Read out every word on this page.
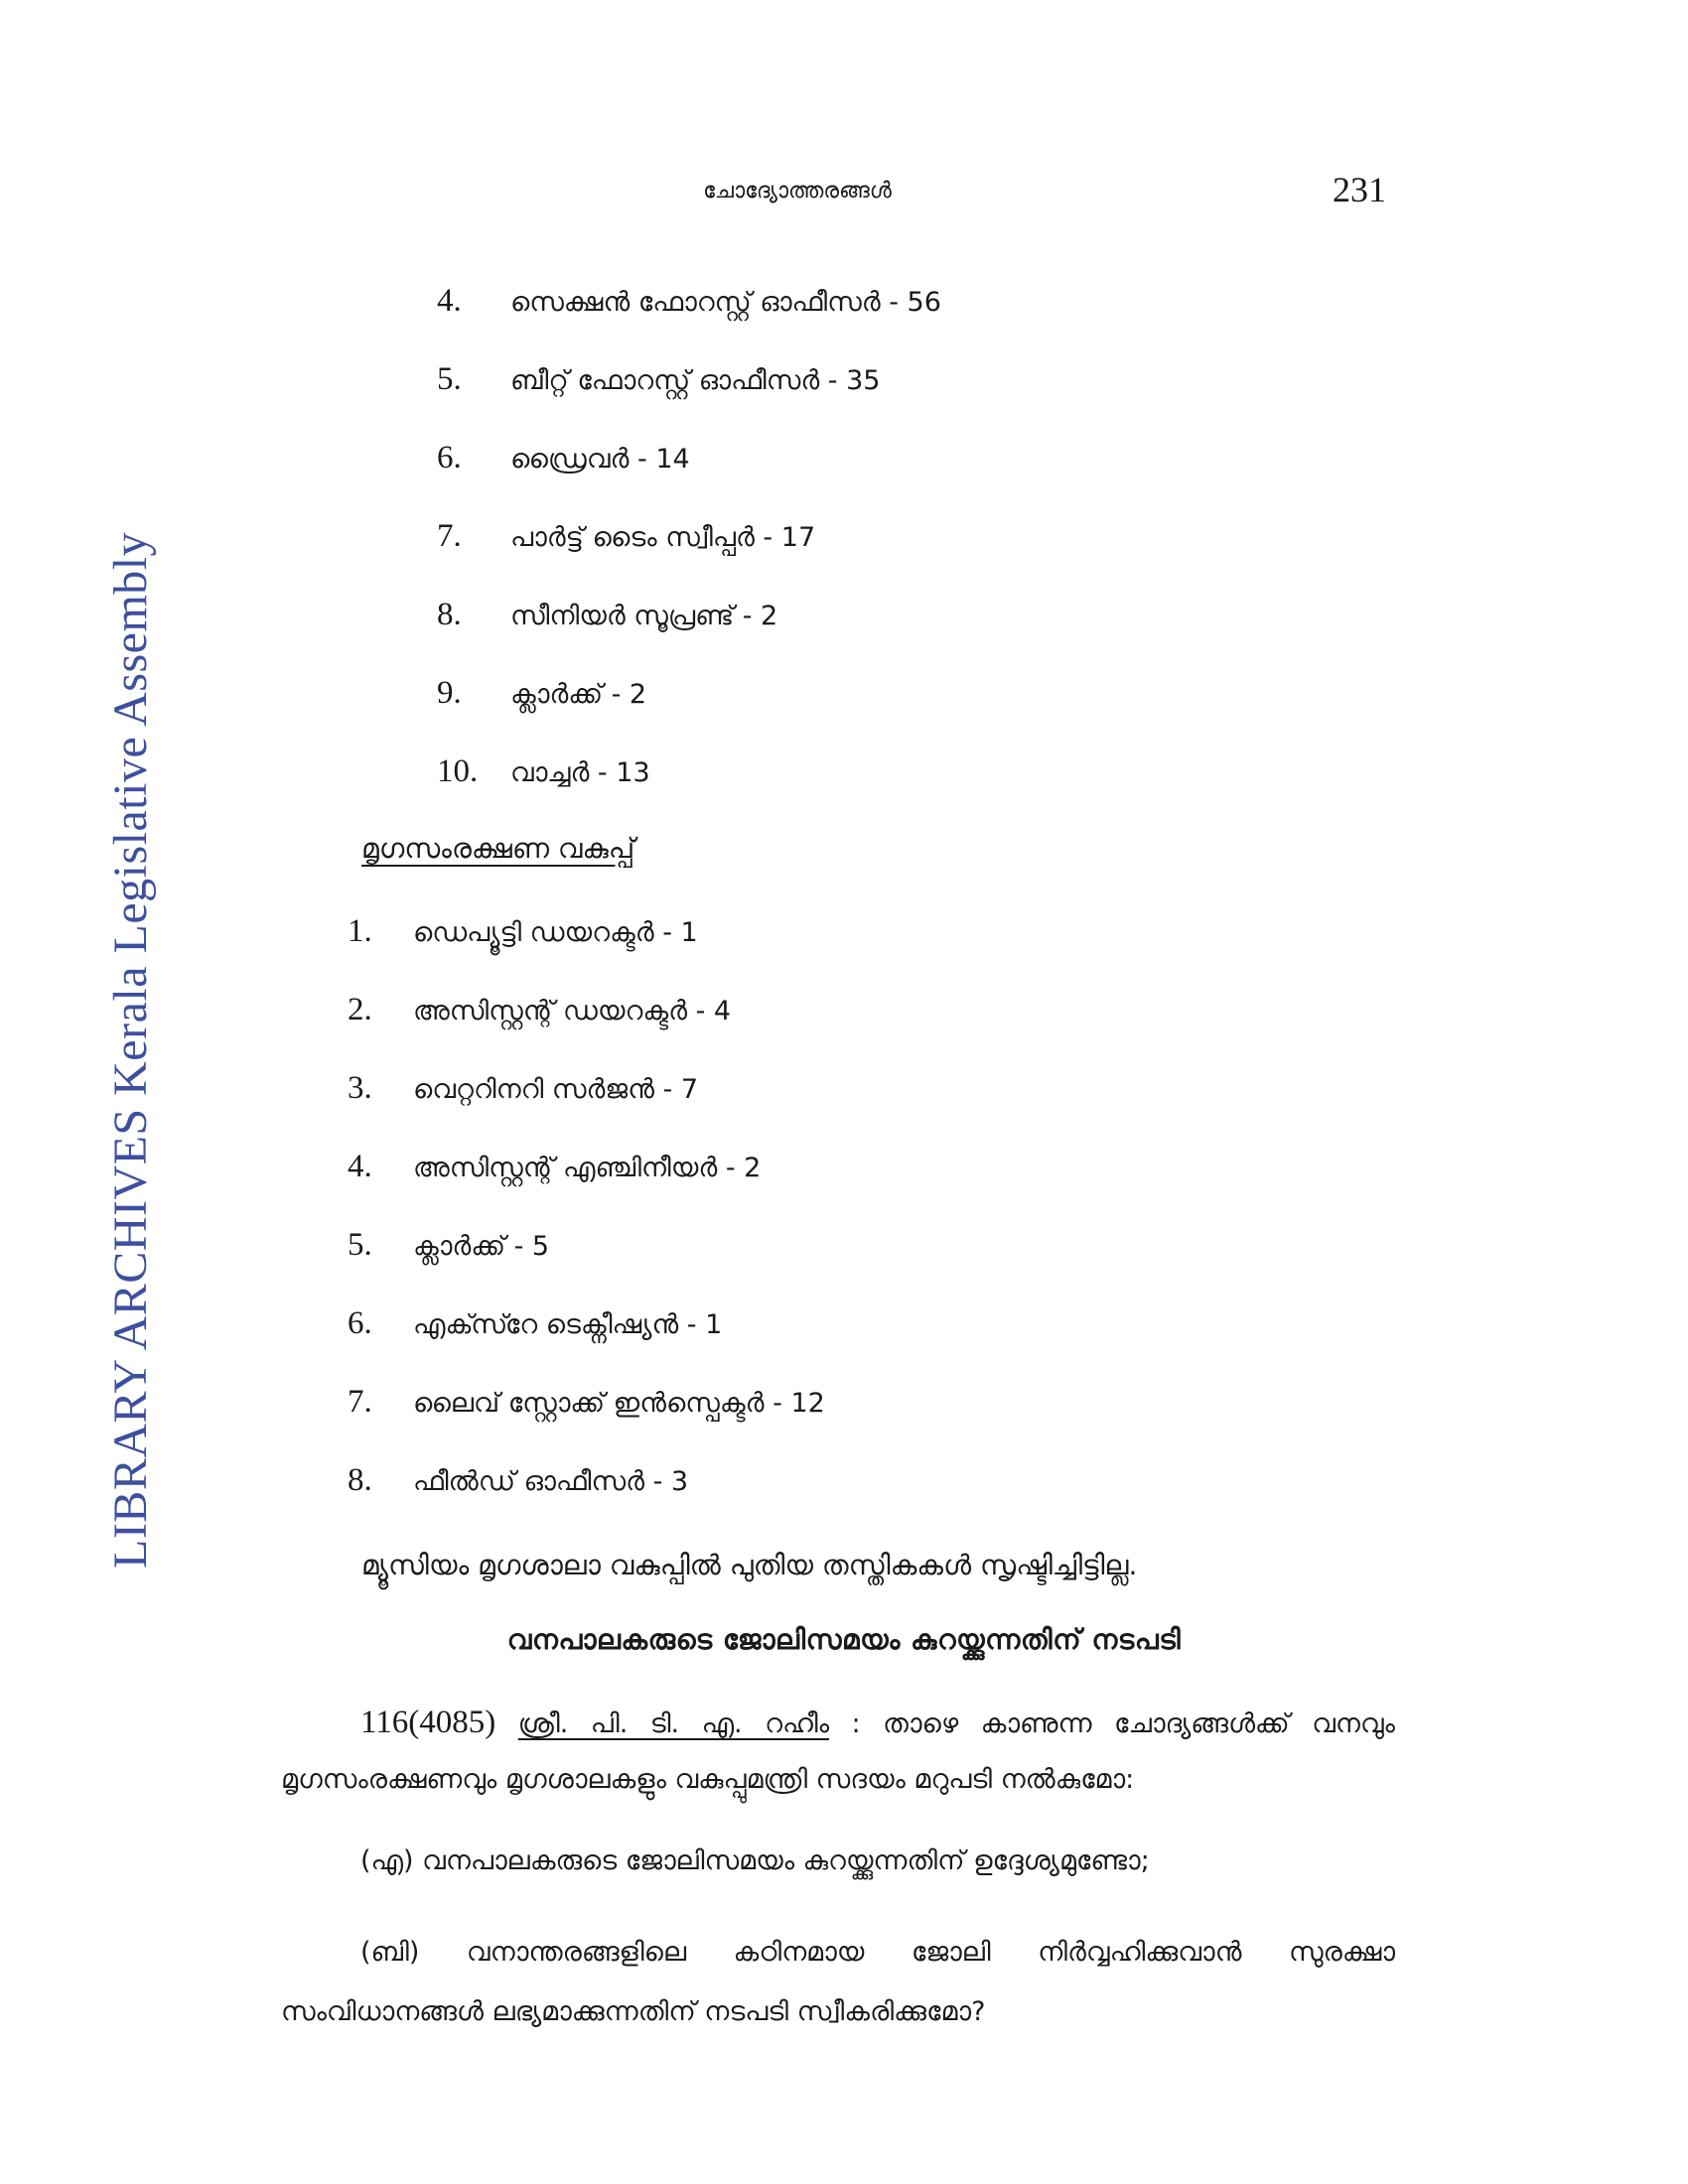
LIBRARY ARCHIVES Kerala Legislative Assembly
ചോദ്യോത്തരങ്ങൾ	231
4. സെക്ഷൻ ഫോറസ്റ്റ് ഓഫീസർ - 56
5. ബീറ്റ് ഫോറസ്റ്റ് ഓഫീസർ - 35
6. ഡ്രൈവർ - 14
7. പാർട്ട് ടൈം സ്വീപ്പർ - 17
8. സീനിയർ സൂപ്രണ്ട് - 2
9. ക്ലാർക്ക് - 2
10. വാച്ചർ - 13
മൃഗസംരക്ഷണ വകുപ്പ്
1. ഡെപ്യൂട്ടി ഡയറക്ടർ - 1
2. അസിസ്റ്റന്റ് ഡയറക്ടർ - 4
3. വെറ്ററിനറി സർജൻ - 7
4. അസിസ്റ്റന്റ് എഞ്ചിനീയർ - 2
5. ക്ലാർക്ക് - 5
6. എക്സ്റേ ടെക്നീഷ്യൻ - 1
7. ലൈവ് സ്റ്റോക്ക് ഇൻസ്പെക്ടർ - 12
8. ഫീൽഡ് ഓഫീസർ - 3
മ്യൂസിയം മൃഗശാലാ വകുപ്പിൽ പുതിയ തസ്തികകൾ സൃഷ്ടിച്ചിട്ടില്ല.
വനപാലകരുടെ ജോലിസമയം കുറയ്ക്കുന്നതിന് നടപടി
116(4085) ശ്രീ. പി. ടി. എ. റഹീം : താഴെ കാണുന്ന ചോദ്യങ്ങൾക്ക് വനവും മൃഗസംരക്ഷണവും മൃഗശാലകളും വകുപ്പുമന്ത്രി സദയം മറുപടി നൽകുമോ:
(എ) വനപാലകരുടെ ജോലിസമയം കുറയ്ക്കുന്നതിന് ഉദ്ദേശ്യമുണ്ടോ;
(ബി) വനാന്തരങ്ങളിലെ കഠിനമായ ജോലി നിർവ്വഹിക്കുവാൻ സുരക്ഷാ സംവിധാനങ്ങൾ ലഭ്യമാക്കുന്നതിന് നടപടി സ്വീകരിക്കുമോ?
